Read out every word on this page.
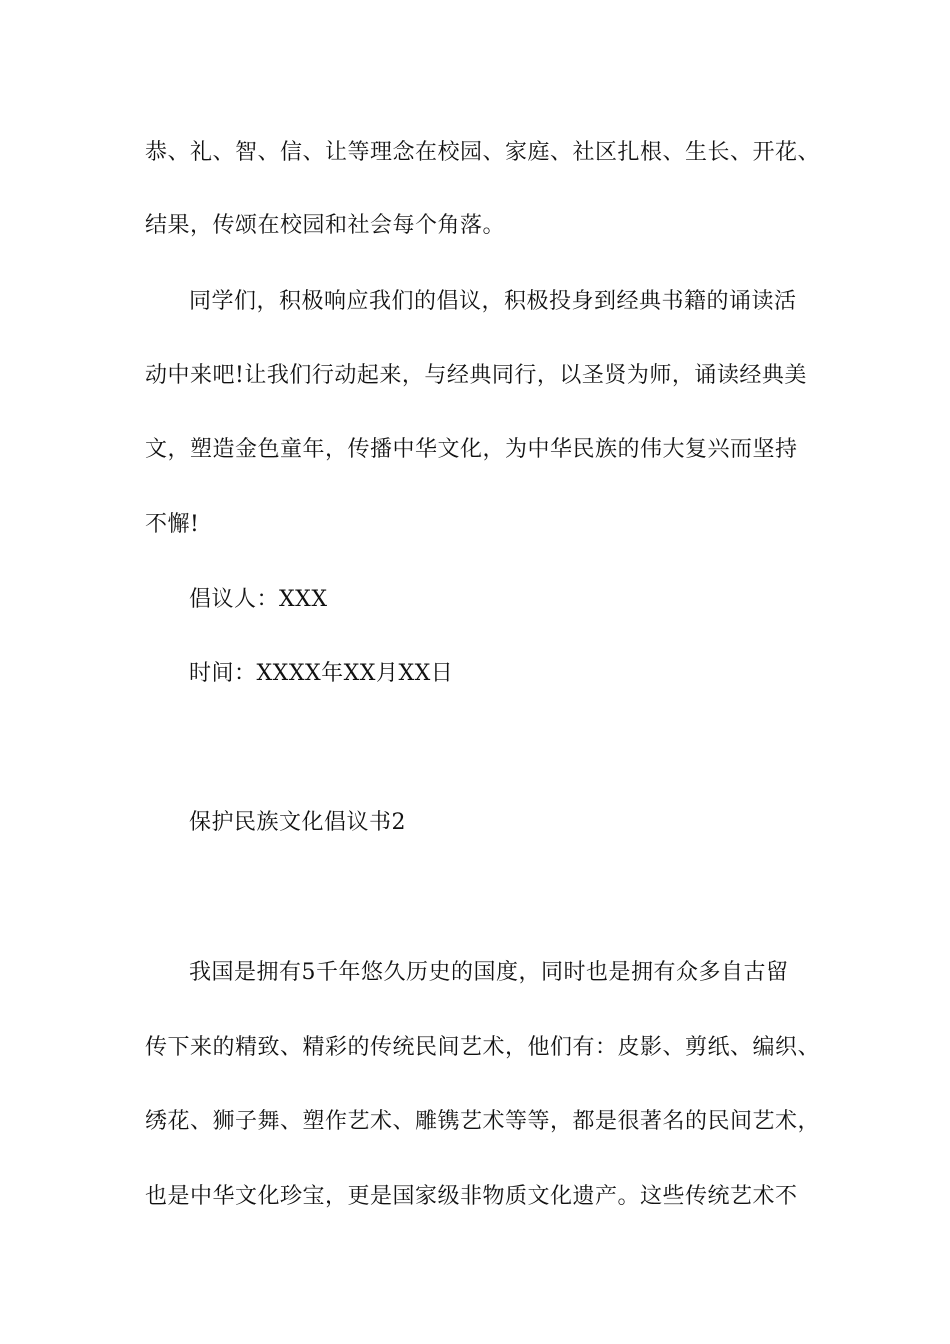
恭、礼、智、信、让等理念在校园、家庭、社区扎根、生长、开花、
结果，传颂在校园和社会每个角落。
同学们，积极响应我们的倡议，积极投身到经典书籍的诵读活
动中来吧!让我们行动起来，与经典同行，以圣贤为师，诵读经典美
文，塑造金色童年，传播中华文化，为中华民族的伟大复兴而坚持
不懈!
倡议人：XXX
时间：XXXX年XX月XX日
保护民族文化倡议书2
我国是拥有5千年悠久历史的国度，同时也是拥有众多自古留
传下来的精致、精彩的传统民间艺术，他们有：皮影、剪纸、编织、
绣花、狮子舞、塑作艺术、雕镌艺术等等，都是很著名的民间艺术，
也是中华文化珍宝，更是国家级非物质文化遗产。这些传统艺术不
